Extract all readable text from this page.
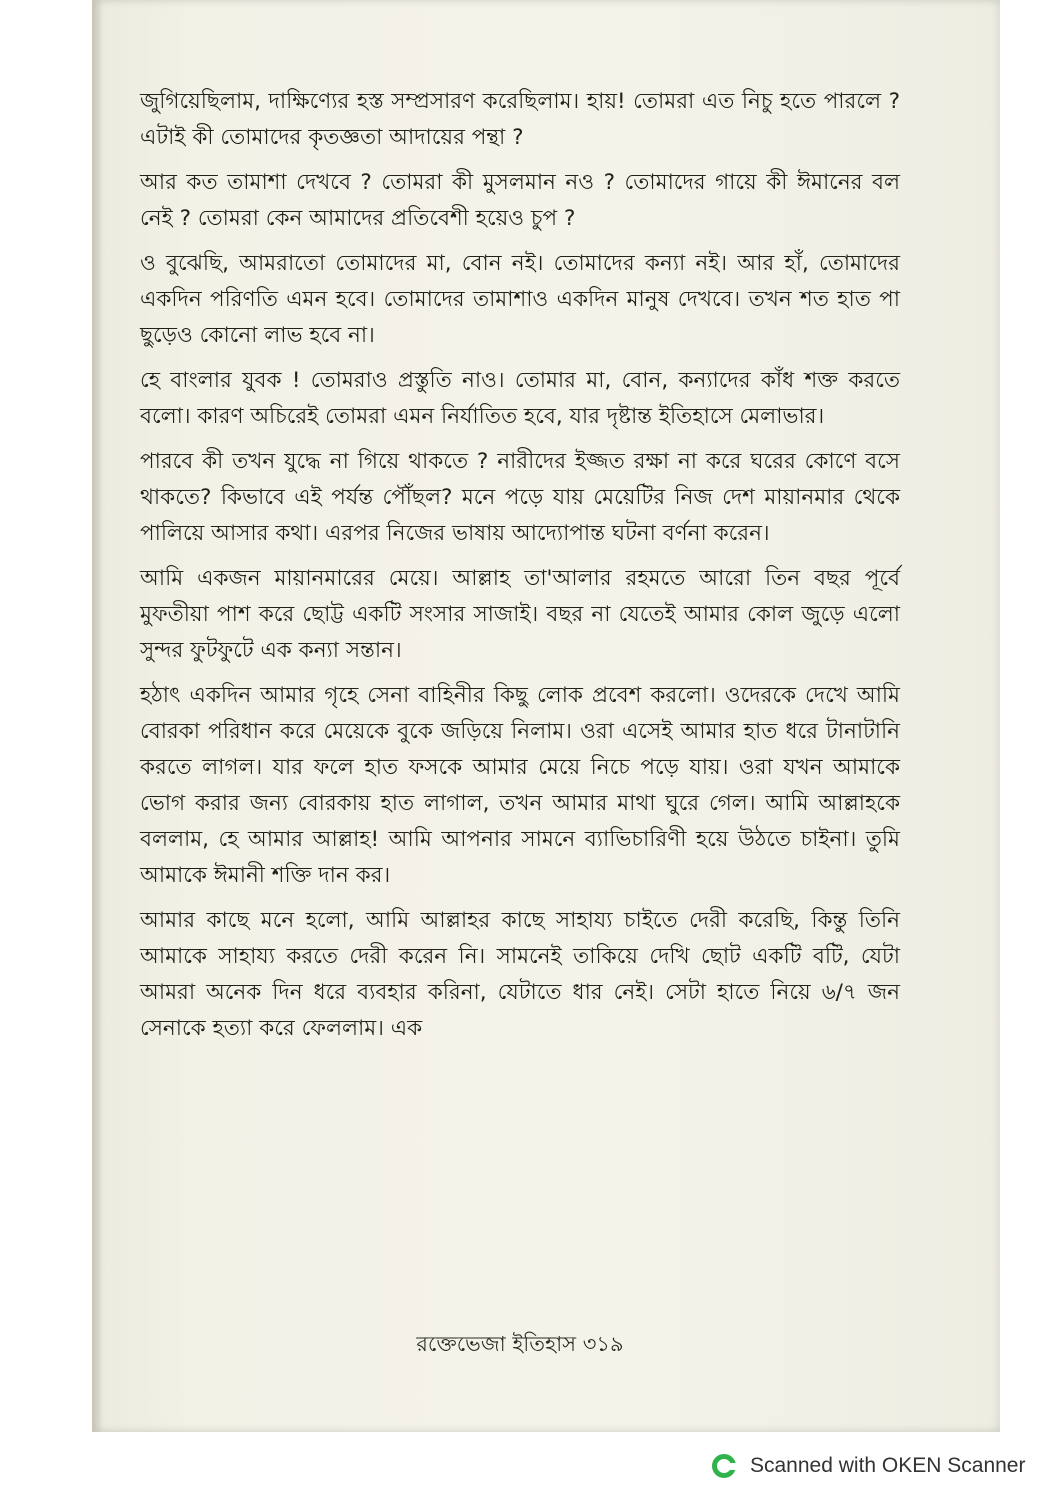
জুগিয়েছিলাম, দাক্ষিণ্যের হস্ত সম্প্রসারণ করেছিলাম। হায়! তোমরা এত নিচু হতে পারলে ? এটাই কী তোমাদের কৃতজ্ঞতা আদায়ের পন্থা ?

আর কত তামাশা দেখবে ? তোমরা কী মুসলমান নও ? তোমাদের গায়ে কী ঈমানের বল নেই ? তোমরা কেন আমাদের প্রতিবেশী হয়েও চুপ ?

ও বুঝেছি, আমরাতো তোমাদের মা, বোন নই। তোমাদের কন্যা নই। আর হাঁ, তোমাদের একদিন পরিণতি এমন হবে। তোমাদের তামাশাও একদিন মানুষ দেখবে। তখন শত হাত পা ছুড়েও কোনো লাভ হবে না।

হে বাংলার যুবক ! তোমরাও প্রস্তুতি নাও। তোমার মা, বোন, কন্যাদের কাঁধ শক্ত করতে বলো। কারণ অচিরেই তোমরা এমন নির্যাতিত হবে, যার দৃষ্টান্ত ইতিহাসে মেলাভার।

পারবে কী তখন যুদ্ধে না গিয়ে থাকতে ? নারীদের ইজ্জত রক্ষা না করে ঘরের কোণে বসে থাকতে? কিভাবে এই পর্যন্ত পৌঁছল? মনে পড়ে যায় মেয়েটির নিজ দেশ মায়ানমার থেকে পালিয়ে আসার কথা। এরপর নিজের ভাষায় আদ্যোপান্ত ঘটনা বর্ণনা করেন।

আমি একজন মায়ানমারের মেয়ে। আল্লাহ তা'আলার রহমতে আরো তিন বছর পূর্বে মুফতীয়া পাশ করে ছোট্ট একটি সংসার সাজাই। বছর না যেতেই আমার কোল জুড়ে এলো সুন্দর ফুটফুটে এক কন্যা সন্তান।

হঠাৎ একদিন আমার গৃহে সেনা বাহিনীর কিছু লোক প্রবেশ করলো। ওদেরকে দেখে আমি বোরকা পরিধান করে মেয়েকে বুকে জড়িয়ে নিলাম। ওরা এসেই আমার হাত ধরে টানাটানি করতে লাগল। যার ফলে হাত ফসকে আমার মেয়ে নিচে পড়ে যায়। ওরা যখন আমাকে ভোগ করার জন্য বোরকায় হাত লাগাল, তখন আমার মাথা ঘুরে গেল। আমি আল্লাহকে বললাম, হে আমার আল্লাহ! আমি আপনার সামনে ব্যাভিচারিণী হয়ে উঠতে চাইনা। তুমি আমাকে ঈমানী শক্তি দান কর।

আমার কাছে মনে হলো, আমি আল্লাহর কাছে সাহায্য চাইতে দেরী করেছি, কিন্তু তিনি আমাকে সাহায্য করতে দেরী করেন নি। সামনেই তাকিয়ে দেখি ছোট একটি বটি, যেটা আমরা অনেক দিন ধরে ব্যবহার করিনা, যেটাতে ধার নেই। সেটা হাতে নিয়ে ৬/৭ জন সেনাকে হত্যা করে ফেললাম। এক

রক্তেভেজা ইতিহাস ৩১৯
Scanned with OKEN Scanner
